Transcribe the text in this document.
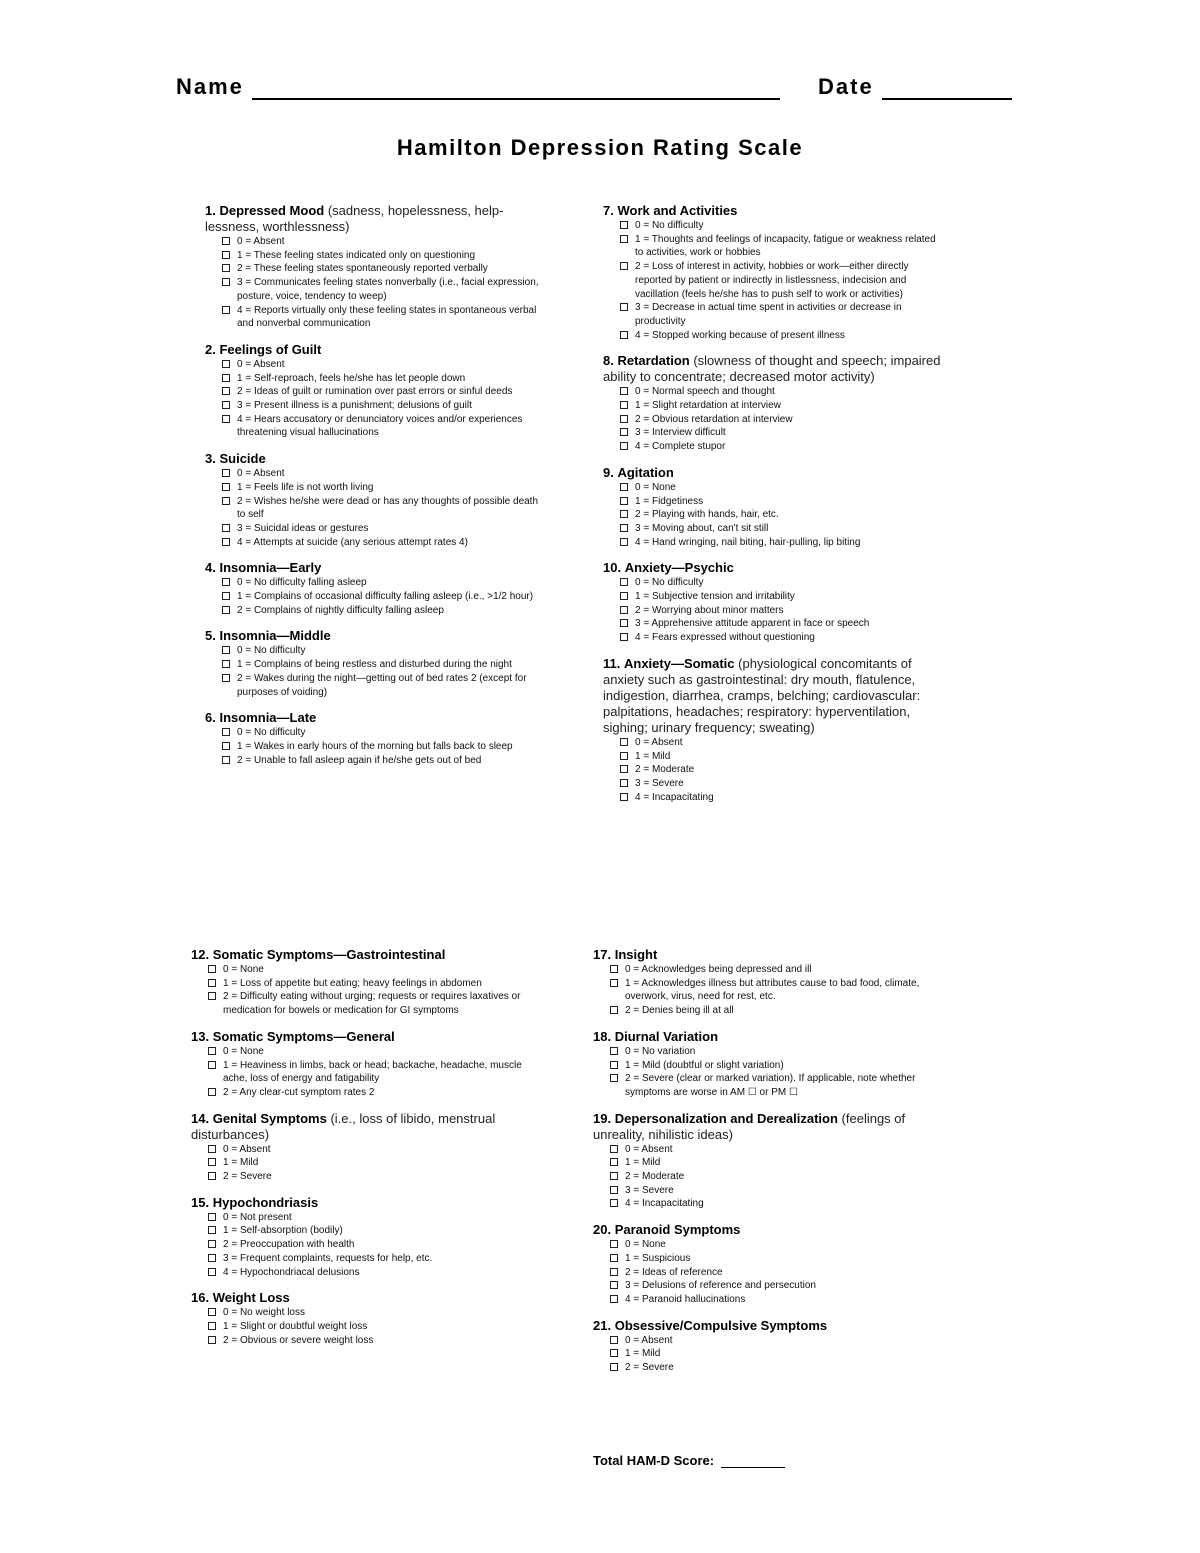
Name	Date
Hamilton Depression Rating Scale
1. Depressed Mood (sadness, hopelessness, help-lessness, worthlessness)
0 = Absent
1 = These feeling states indicated only on questioning
2 = These feeling states spontaneously reported verbally
3 = Communicates feeling states nonverbally (i.e., facial expression, posture, voice, tendency to weep)
4 = Reports virtually only these feeling states in spontaneous verbal and nonverbal communication
2. Feelings of Guilt
0 = Absent
1 = Self-reproach, feels he/she has let people down
2 = Ideas of guilt or rumination over past errors or sinful deeds
3 = Present illness is a punishment; delusions of guilt
4 = Hears accusatory or denunciatory voices and/or experiences threatening visual hallucinations
3. Suicide
0 = Absent
1 = Feels life is not worth living
2 = Wishes he/she were dead or has any thoughts of possible death to self
3 = Suicidal ideas or gestures
4 = Attempts at suicide (any serious attempt rates 4)
4. Insomnia—Early
0 = No difficulty falling asleep
1 = Complains of occasional difficulty falling asleep (i.e., >1/2 hour)
2 = Complains of nightly difficulty falling asleep
5. Insomnia—Middle
0 = No difficulty
1 = Complains of being restless and disturbed during the night
2 = Wakes during the night—getting out of bed rates 2 (except for purposes of voiding)
6. Insomnia—Late
0 = No difficulty
1 = Wakes in early hours of the morning but falls back to sleep
2 = Unable to fall asleep again if he/she gets out of bed
7. Work and Activities
0 = No difficulty
1 = Thoughts and feelings of incapacity, fatigue or weakness related to activities, work or hobbies
2 = Loss of interest in activity, hobbies or work—either directly reported by patient or indirectly in listlessness, indecision and vacillation (feels he/she has to push self to work or activities)
3 = Decrease in actual time spent in activities or decrease in productivity
4 = Stopped working because of present illness
8. Retardation (slowness of thought and speech; impaired ability to concentrate; decreased motor activity)
0 = Normal speech and thought
1 = Slight retardation at interview
2 = Obvious retardation at interview
3 = Interview difficult
4 = Complete stupor
9. Agitation
0 = None
1 = Fidgetiness
2 = Playing with hands, hair, etc.
3 = Moving about, can't sit still
4 = Hand wringing, nail biting, hair-pulling, lip biting
10. Anxiety—Psychic
0 = No difficulty
1 = Subjective tension and irritability
2 = Worrying about minor matters
3 = Apprehensive attitude apparent in face or speech
4 = Fears expressed without questioning
11. Anxiety—Somatic (physiological concomitants of anxiety such as gastrointestinal: dry mouth, flatulence, indigestion, diarrhea, cramps, belching; cardiovascular: palpitations, headaches; respiratory: hyperventilation, sighing; urinary frequency; sweating)
0 = Absent
1 = Mild
2 = Moderate
3 = Severe
4 = Incapacitating
12. Somatic Symptoms—Gastrointestinal
0 = None
1 = Loss of appetite but eating; heavy feelings in abdomen
2 = Difficulty eating without urging; requests or requires laxatives or medication for bowels or medication for GI symptoms
13. Somatic Symptoms—General
0 = None
1 = Heaviness in limbs, back or head; backache, headache, muscle ache, loss of energy and fatigability
2 = Any clear-cut symptom rates 2
14. Genital Symptoms (i.e., loss of libido, menstrual disturbances)
0 = Absent
1 = Mild
2 = Severe
15. Hypochondriasis
0 = Not present
1 = Self-absorption (bodily)
2 = Preoccupation with health
3 = Frequent complaints, requests for help, etc.
4 = Hypochondriacal delusions
16. Weight Loss
0 = No weight loss
1 = Slight or doubtful weight loss
2 = Obvious or severe weight loss
17. Insight
0 = Acknowledges being depressed and ill
1 = Acknowledges illness but attributes cause to bad food, climate, overwork, virus, need for rest, etc.
2 = Denies being ill at all
18. Diurnal Variation
0 = No variation
1 = Mild (doubtful or slight variation)
2 = Severe (clear or marked variation). If applicable, note whether symptoms are worse in AM ☐ or PM ☐
19. Depersonalization and Derealization (feelings of unreality, nihilistic ideas)
0 = Absent
1 = Mild
2 = Moderate
3 = Severe
4 = Incapacitating
20. Paranoid Symptoms
0 = None
1 = Suspicious
2 = Ideas of reference
3 = Delusions of reference and persecution
4 = Paranoid hallucinations
21. Obsessive/Compulsive Symptoms
0 = Absent
1 = Mild
2 = Severe
Total HAM-D Score:
